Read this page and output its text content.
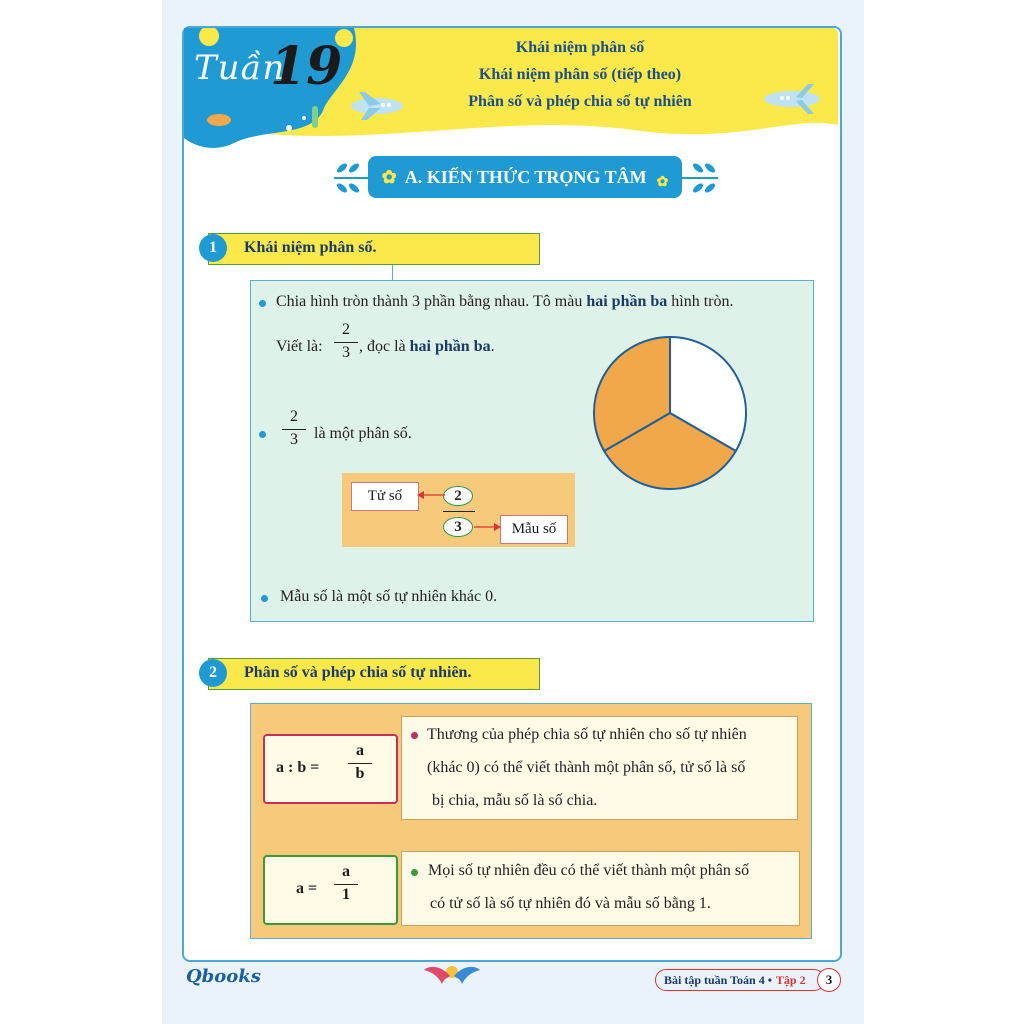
Tuần
19	Khái niệm phân số
Khái niệm phân số (tiếp theo)
Phân số và phép chia số tự nhiên
✿ A. KIẾN THỨC TRỌNG TÂM ✿
1	Khái niệm phân số.
Chia hình tròn thành 3 phần bằng nhau. Tô màu hai phần ba hình tròn.
Viết là:
2
3 , đọc là hai phần ba.
2
3	là một phân số.
Tử số
Mẫu số
2
3
Mẫu số là một số tự nhiên khác 0.
2	Phân số và phép chia số tự nhiên.
a : b =
a
b
Thương của phép chia số tự nhiên cho số tự nhiên
(khác 0) có thể viết thành một phân số, tử số là số
bị chia, mẫu số là số chia.
a =
a
1
Mọi số tự nhiên đều có thể viết thành một phân số
có tử số là số tự nhiên đó và mẫu số bằng 1.
Qbooks	Bài tập tuần Toán 4 • Tập 2	3
